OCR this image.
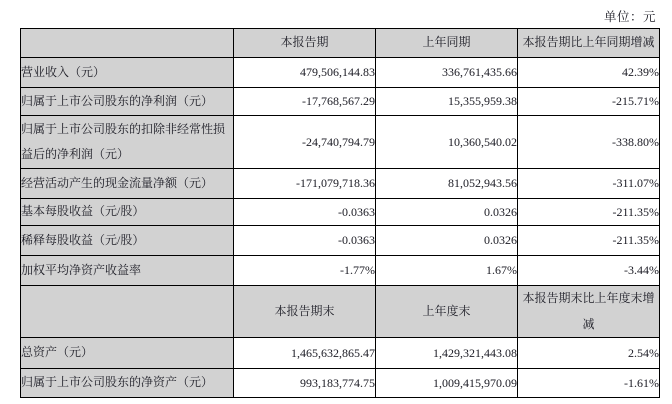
单位：元
	本报告期	上年同期	本报告期比上年同期增减
营业收入（元）	479,506,144.83	336,761,435.66	42.39%
归属于上市公司股东的净利润（元）	-17,768,567.29	15,355,959.38	-215.71%
归属于上市公司股东的扣除非经常性损益后的净利润（元）	-24,740,794.79	10,360,540.02	-338.80%
经营活动产生的现金流量净额（元）	-171,079,718.36	81,052,943.56	-311.07%
基本每股收益（元/股）	-0.0363	0.0326	-211.35%
稀释每股收益（元/股）	-0.0363	0.0326	-211.35%
加权平均净资产收益率	-1.77%	1.67%	-3.44%
	本报告期末	上年度末	本报告期末比上年度末增减
总资产（元）	1,465,632,865.47	1,429,321,443.08	2.54%
归属于上市公司股东的净资产（元）	993,183,774.75	1,009,415,970.09	-1.61%
